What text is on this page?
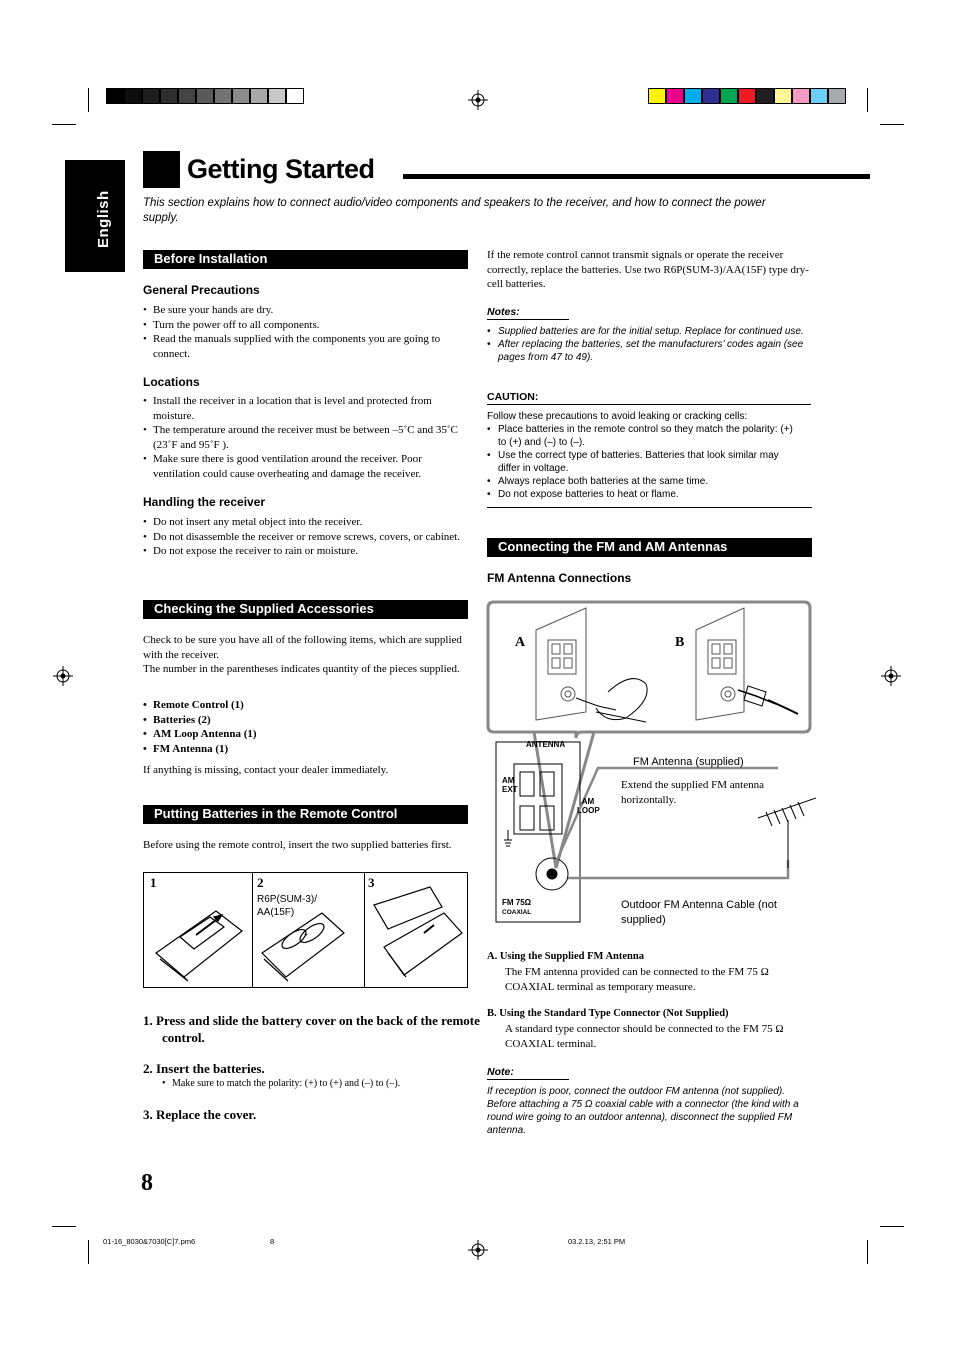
English
Getting Started
This section explains how to connect audio/video components and speakers to the receiver, and how to connect the power supply.
Before Installation
General Precautions
• Be sure your hands are dry.
• Turn the power off to all components.
• Read the manuals supplied with the components you are going to connect.
Locations
• Install the receiver in a location that is level and protected from moisture.
• The temperature around the receiver must be between –5˚C and 35˚C (23˚F and 95˚F ).
• Make sure there is good ventilation around the receiver. Poor ventilation could cause overheating and damage the receiver.
Handling the receiver
• Do not insert any metal object into the receiver.
• Do not disassemble the receiver or remove screws, covers, or cabinet.
• Do not expose the receiver to rain or moisture.
Checking the Supplied Accessories
Check to be sure you have all of the following items, which are supplied with the receiver.
The number in the parentheses indicates quantity of the pieces supplied.
• Remote Control (1)
• Batteries (2)
• AM Loop Antenna (1)
• FM Antenna (1)
If anything is missing, contact your dealer immediately.
Putting Batteries in the Remote Control
Before using the remote control, insert the two supplied batteries first.
1	2
R6P(SUM-3)/ AA(15F)
3
+
1. Press and slide the battery cover on the back of the remote control.
2. Insert the batteries.
• Make sure to match the polarity: (+) to (+) and (–) to (–).
3. Replace the cover.
8
If the remote control cannot transmit signals or operate the receiver correctly, replace the batteries. Use two R6P(SUM-3)/AA(15F) type dry-cell batteries.
Notes:
• Supplied batteries are for the initial setup. Replace for continued use.
• After replacing the batteries, set the manufacturers’ codes again (see pages from 47 to 49).
CAUTION:
Follow these precautions to avoid leaking or cracking cells:
• Place batteries in the remote control so they match the polarity: (+) to (+) and (–) to (–).
• Use the correct type of batteries. Batteries that look similar may differ in voltage.
• Always replace both batteries at the same time.
• Do not expose batteries to heat or flame.
Connecting the FM and AM Antennas
FM Antenna Connections
A	B
ANTENNA
AM EXT
AM LOOP
FM 75Ω
COAXIAL
FM Antenna (supplied)
Extend the supplied FM antenna horizontally.
Outdoor FM Antenna Cable (not supplied)
A. Using the Supplied FM Antenna
The FM antenna provided can be connected to the FM 75 Ω COAXIAL terminal as temporary measure.
B. Using the Standard Type Connector (Not Supplied)
A standard type connector should be connected to the FM 75 Ω COAXIAL terminal.
Note:
If reception is poor, connect the outdoor FM antenna (not supplied). Before attaching a 75 Ω coaxial cable with a connector (the kind with a round wire going to an outdoor antenna), disconnect the supplied FM antenna.
01-16_8030&7030[C]7.pm6	8	03.2.13, 2:51 PM
